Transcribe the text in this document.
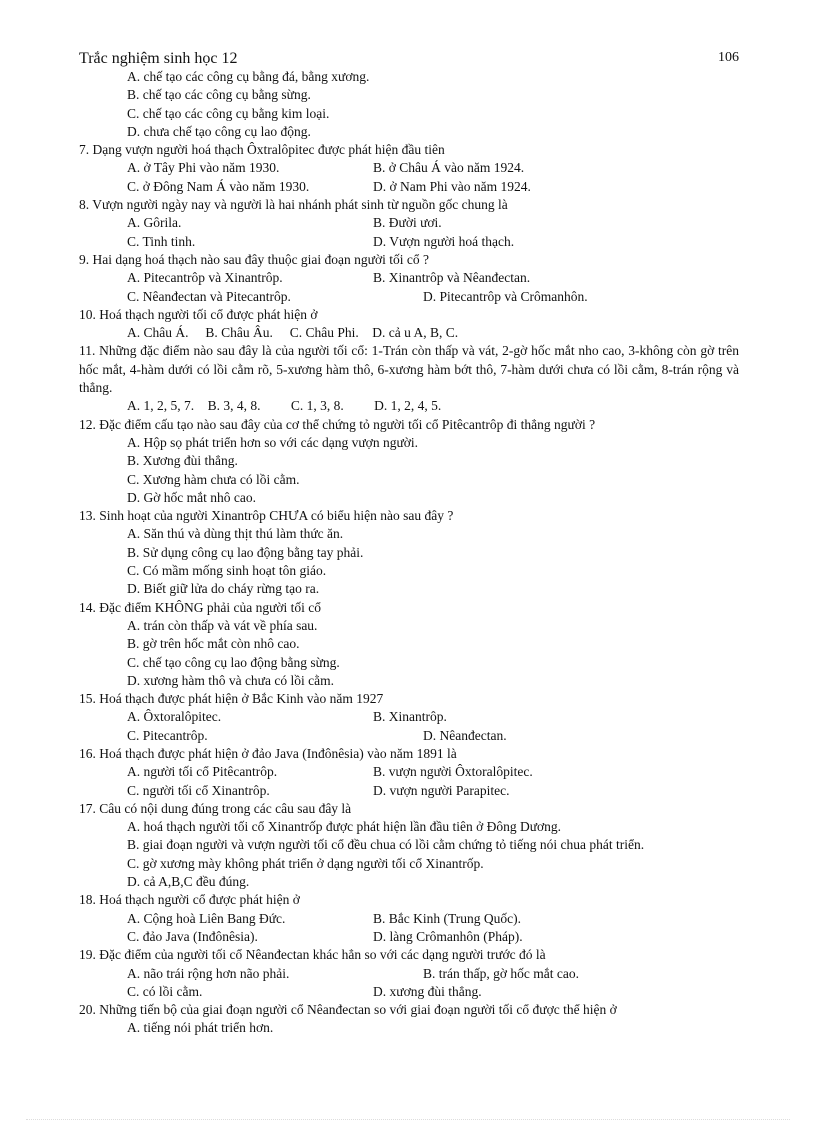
Trắc nghiệm sinh học 12	106
A. chế tạo các công cụ bằng đá, bằng xương.
B. chế tạo các công cụ bằng sừng.
C. chế tạo các công cụ bằng kim loại.
D. chưa chế tạo công cụ lao động.
7. Dạng vượn người hoá thạch Ôxtralôpitec được phát hiện đầu tiên
A. ở Tây Phi vào năm 1930.	B. ở Châu Á vào năm 1924.
C. ở Đông Nam Á vào năm 1930.	D. ở Nam Phi vào năm 1924.
8. Vượn người ngày nay và người là hai nhánh phát sinh từ nguồn gốc chung là
A. Gôrila.	B. Đười ươi.
C. Tinh tinh.	D. Vượn người hoá thạch.
9. Hai dạng hoá thạch nào sau đây thuộc giai đoạn người tối cổ ?
A. Pitecantrôp và Xinantrôp.	B. Xinantrôp và Nêanđectan.
C. Nêanđectan và Pitecantrôp.	D. Pitecantrôp và Crômanhôn.
10. Hoá thạch người tối cổ được phát hiện ở
A. Châu Á.     B. Châu Âu.     C. Châu Phi.    D. cả u A, B, C.
11. Những đặc điểm nào sau đây là của người tối cổ: 1-Trán còn thấp và vát, 2-gờ hốc mắt nho cao, 3-không còn gờ trên hốc mắt, 4-hàm dưới có lồi cằm rõ, 5-xương hàm thô, 6-xương hàm bớt thô, 7-hàm dưới chưa có lồi cằm, 8-trán rộng và thẳng.
A. 1, 2, 5, 7.    B. 3, 4, 8.         C. 1, 3, 8.         D. 1, 2, 4, 5.
12. Đặc điểm cấu tạo nào sau đây của cơ thể chứng tỏ người tối cổ Pitêcantrôp đi thẳng người ?
A. Hộp sọ phát triển hơn so với các dạng vượn người.
B. Xương đùi thẳng.
C. Xương hàm chưa có lồi cằm.
D. Gờ hốc mắt nhô cao.
13. Sinh hoạt của người Xinantrôp CHƯA có biểu hiện nào sau đây ?
A. Săn thú và dùng thịt thú làm thức ăn.
B. Sử dụng công cụ lao động bằng tay phải.
C. Có mầm mống sinh hoạt tôn giáo.
D. Biết giữ lửa do cháy rừng tạo ra.
14. Đặc điểm KHÔNG phải của người tối cổ
A. trán còn thấp và vát về phía sau.
B. gờ trên hốc mắt còn nhô cao.
C. chế tạo công cụ lao động bằng sừng.
D. xương hàm thô và chưa có lồi cằm.
15. Hoá thạch được phát hiện ở Bắc Kinh vào năm 1927
A. Ôxtoralôpitec.	B. Xinantrôp.
C. Pitecantrôp.	D. Nêanđectan.
16. Hoá thạch được phát hiện ở đảo Java (Inđônêsia) vào năm 1891 là
A. người tối cổ Pitêcantrôp.	B. vượn người Ôxtoralôpitec.
C. người tối cổ Xinantrôp.	D. vượn người Parapitec.
17. Câu có nội dung đúng trong các câu sau đây là
A. hoá thạch người tối cổ Xinantrốp được phát hiện lần đầu tiên ở Đông Dương.
B. giai đoạn người và vượn người tối cổ đều chua có lồi cằm chứng tỏ tiếng nói chua phát triển.
C. gờ xương mày không phát triển ở dạng người tối cổ Xinantrốp.
D. cả A,B,C đều đúng.
18. Hoá thạch người cổ được phát hiện ở
A. Cộng hoà Liên Bang Đức.	B. Bắc Kinh (Trung Quốc).
C. đảo Java (Inđônêsia).	D. làng Crômanhôn (Pháp).
19. Đặc điểm của người tối cổ Nêanđectan khác hẳn so với các dạng người trước đó là
A. não trái rộng hơn não phải.	B. trán thấp, gờ hốc mắt cao.
C. có lồi cằm.	D. xương đùi thẳng.
20. Những tiến bộ của giai đoạn người cổ Nêanđectan so với giai đoạn người tối cổ được thể hiện ở
A. tiếng nói phát triển hơn.
